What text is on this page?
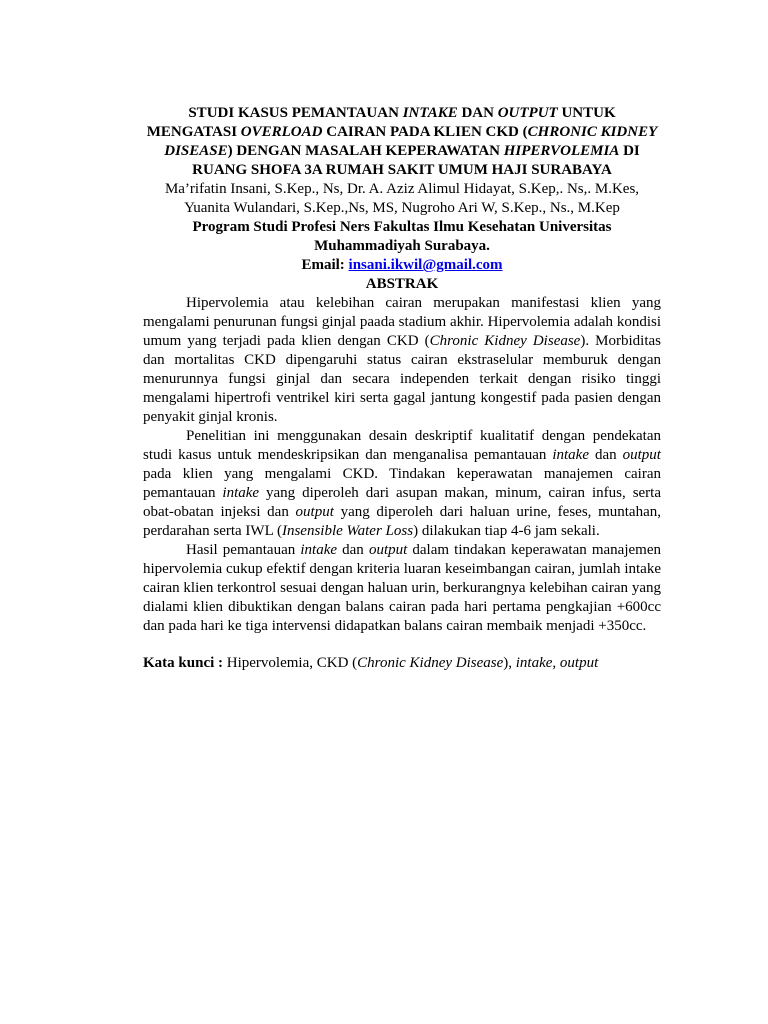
STUDI KASUS PEMANTAUAN INTAKE DAN OUTPUT UNTUK
MENGATASI OVERLOAD CAIRAN PADA KLIEN CKD (CHRONIC KIDNEY
DISEASE) DENGAN MASALAH KEPERAWATAN HIPERVOLEMIA DI
RUANG SHOFA 3A RUMAH SAKIT UMUM HAJI SURABAYA
Ma’rifatin Insani, S.Kep., Ns, Dr. A. Aziz Alimul Hidayat, S.Kep,. Ns,. M.Kes,
Yuanita Wulandari, S.Kep.,Ns, MS, Nugroho Ari W, S.Kep., Ns., M.Kep
Program Studi Profesi Ners Fakultas Ilmu Kesehatan Universitas
Muhammadiyah Surabaya.
Email: insani.ikwil@gmail.com
ABSTRAK

Hipervolemia atau kelebihan cairan merupakan manifestasi klien yang mengalami penurunan fungsi ginjal paada stadium akhir. Hipervolemia adalah kondisi umum yang terjadi pada klien dengan CKD (Chronic Kidney Disease). Morbiditas dan mortalitas CKD dipengaruhi status cairan ekstraselular memburuk dengan menurunnya fungsi ginjal dan secara independen terkait dengan risiko tinggi mengalami hipertrofi ventrikel kiri serta gagal jantung kongestif pada pasien dengan penyakit ginjal kronis.

Penelitian ini menggunakan desain deskriptif kualitatif dengan pendekatan studi kasus untuk mendeskripsikan dan menganalisa pemantauan intake dan output pada klien yang mengalami CKD. Tindakan keperawatan manajemen cairan pemantauan intake yang diperoleh dari asupan makan, minum, cairan infus, serta obat-obatan injeksi dan output yang diperoleh dari haluan urine, feses, muntahan, perdarahan serta IWL (Insensible Water Loss) dilakukan tiap 4-6 jam sekali.

Hasil pemantauan intake dan output dalam tindakan keperawatan manajemen hipervolemia cukup efektif dengan kriteria luaran keseimbangan cairan, jumlah intake cairan klien terkontrol sesuai dengan haluan urin, berkurangnya kelebihan cairan yang dialami klien dibuktikan dengan balans cairan pada hari pertama pengkajian +600cc dan pada hari ke tiga intervensi didapatkan balans cairan membaik menjadi +350cc.

Kata kunci : Hipervolemia, CKD (Chronic Kidney Disease), intake, output
